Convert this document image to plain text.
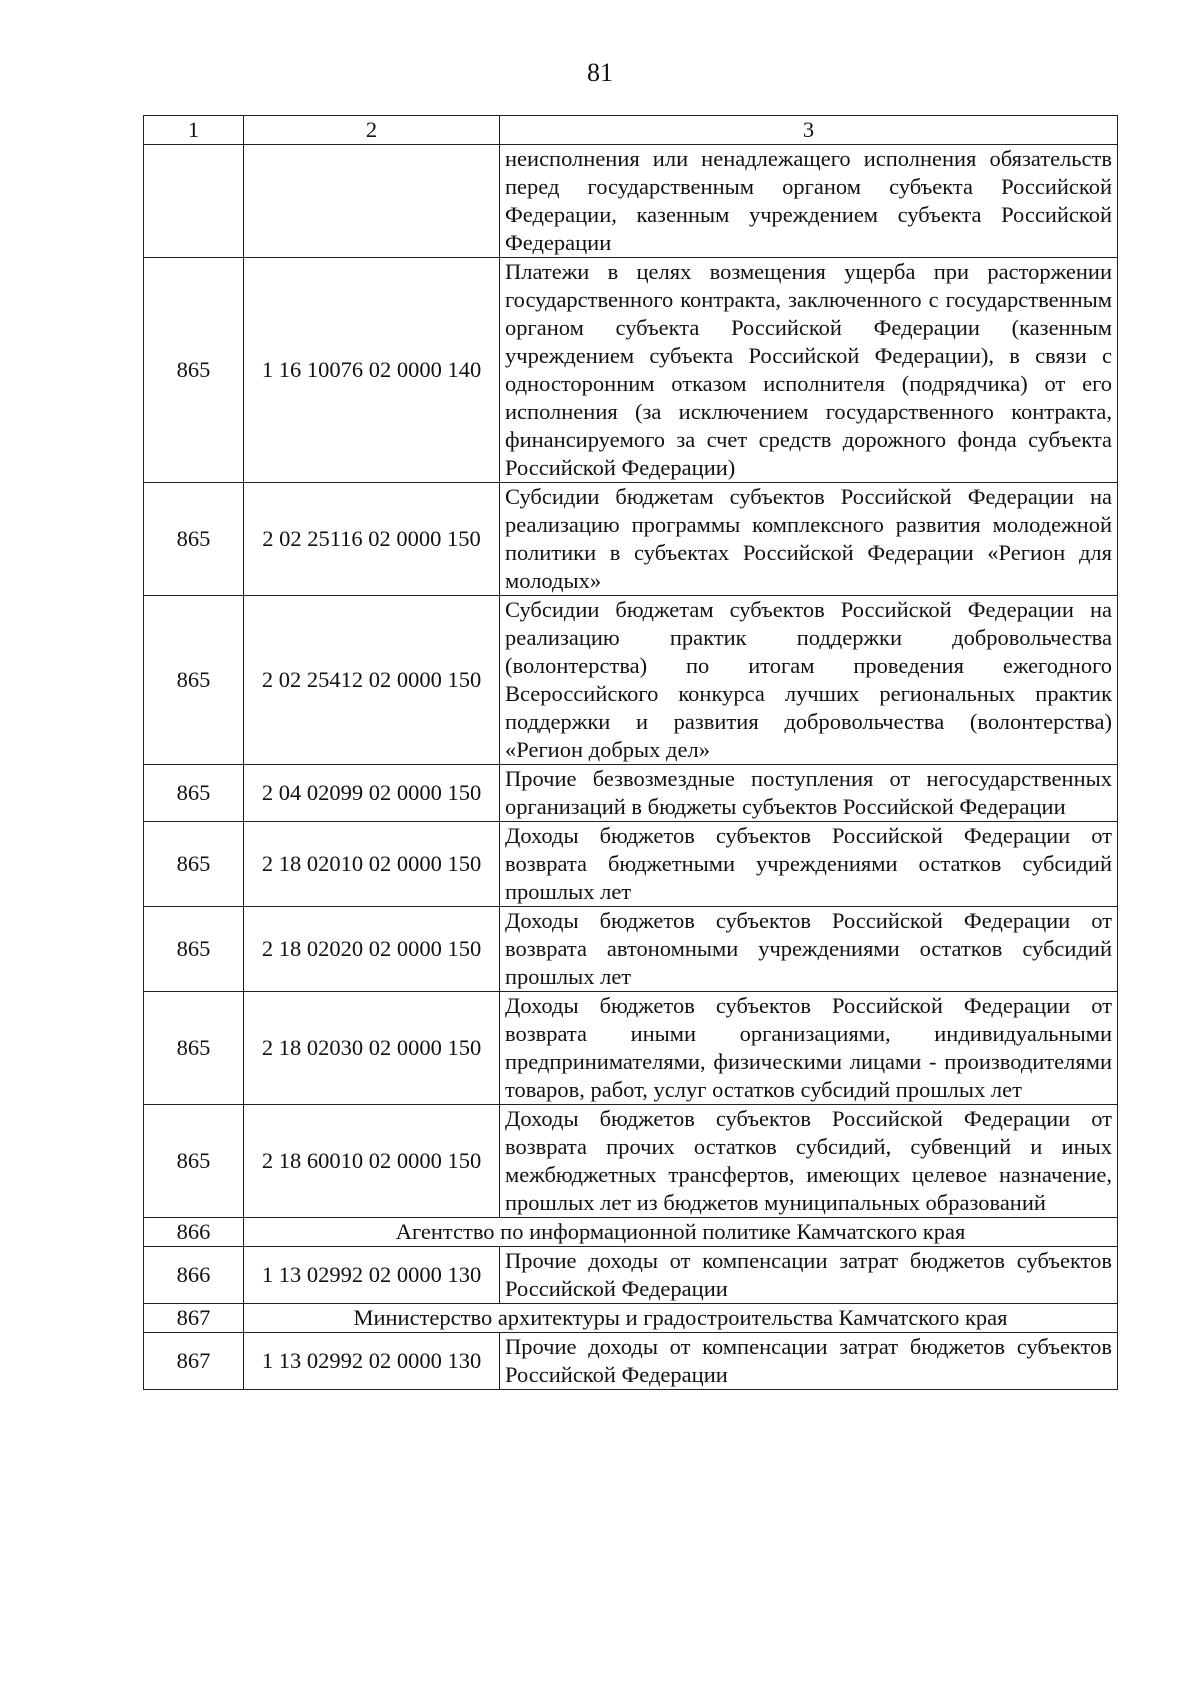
81
1	2	3
		неисполнения или ненадлежащего исполнения обязательств перед государственным органом субъекта Российской Федерации, казенным учреждением субъекта Российской Федерации
865	1 16 10076 02 0000 140	Платежи в целях возмещения ущерба при расторжении государственного контракта, заключенного с государственным органом субъекта Российской Федерации (казенным учреждением субъекта Российской Федерации), в связи с односторонним отказом исполнителя (подрядчика) от его исполнения (за исключением государственного контракта, финансируемого за счет средств дорожного фонда субъекта Российской Федерации)
865	2 02 25116 02 0000 150	Субсидии бюджетам субъектов Российской Федерации на реализацию программы комплексного развития молодежной политики в субъектах Российской Федерации «Регион для молодых»
865	2 02 25412 02 0000 150	Субсидии бюджетам субъектов Российской Федерации на реализацию практик поддержки добровольчества (волонтерства) по итогам проведения ежегодного Всероссийского конкурса лучших региональных практик поддержки и развития добровольчества (волонтерства) «Регион добрых дел»
865	2 04 02099 02 0000 150	Прочие безвозмездные поступления от негосударственных организаций в бюджеты субъектов Российской Федерации
865	2 18 02010 02 0000 150	Доходы бюджетов субъектов Российской Федерации от возврата бюджетными учреждениями остатков субсидий прошлых лет
865	2 18 02020 02 0000 150	Доходы бюджетов субъектов Российской Федерации от возврата автономными учреждениями остатков субсидий прошлых лет
865	2 18 02030 02 0000 150	Доходы бюджетов субъектов Российской Федерации от возврата иными организациями, индивидуальными предпринимателями, физическими лицами - производителями товаров, работ, услуг остатков субсидий прошлых лет
865	2 18 60010 02 0000 150	Доходы бюджетов субъектов Российской Федерации от возврата прочих остатков субсидий, субвенций и иных межбюджетных трансфертов, имеющих целевое назначение, прошлых лет из бюджетов муниципальных образований
866	Агентство по информационной политике Камчатского края	
866	1 13 02992 02 0000 130	Прочие доходы от компенсации затрат бюджетов субъектов Российской Федерации
867	Министерство архитектуры и градостроительства Камчатского края	
867	1 13 02992 02 0000 130	Прочие доходы от компенсации затрат бюджетов субъектов Российской Федерации
